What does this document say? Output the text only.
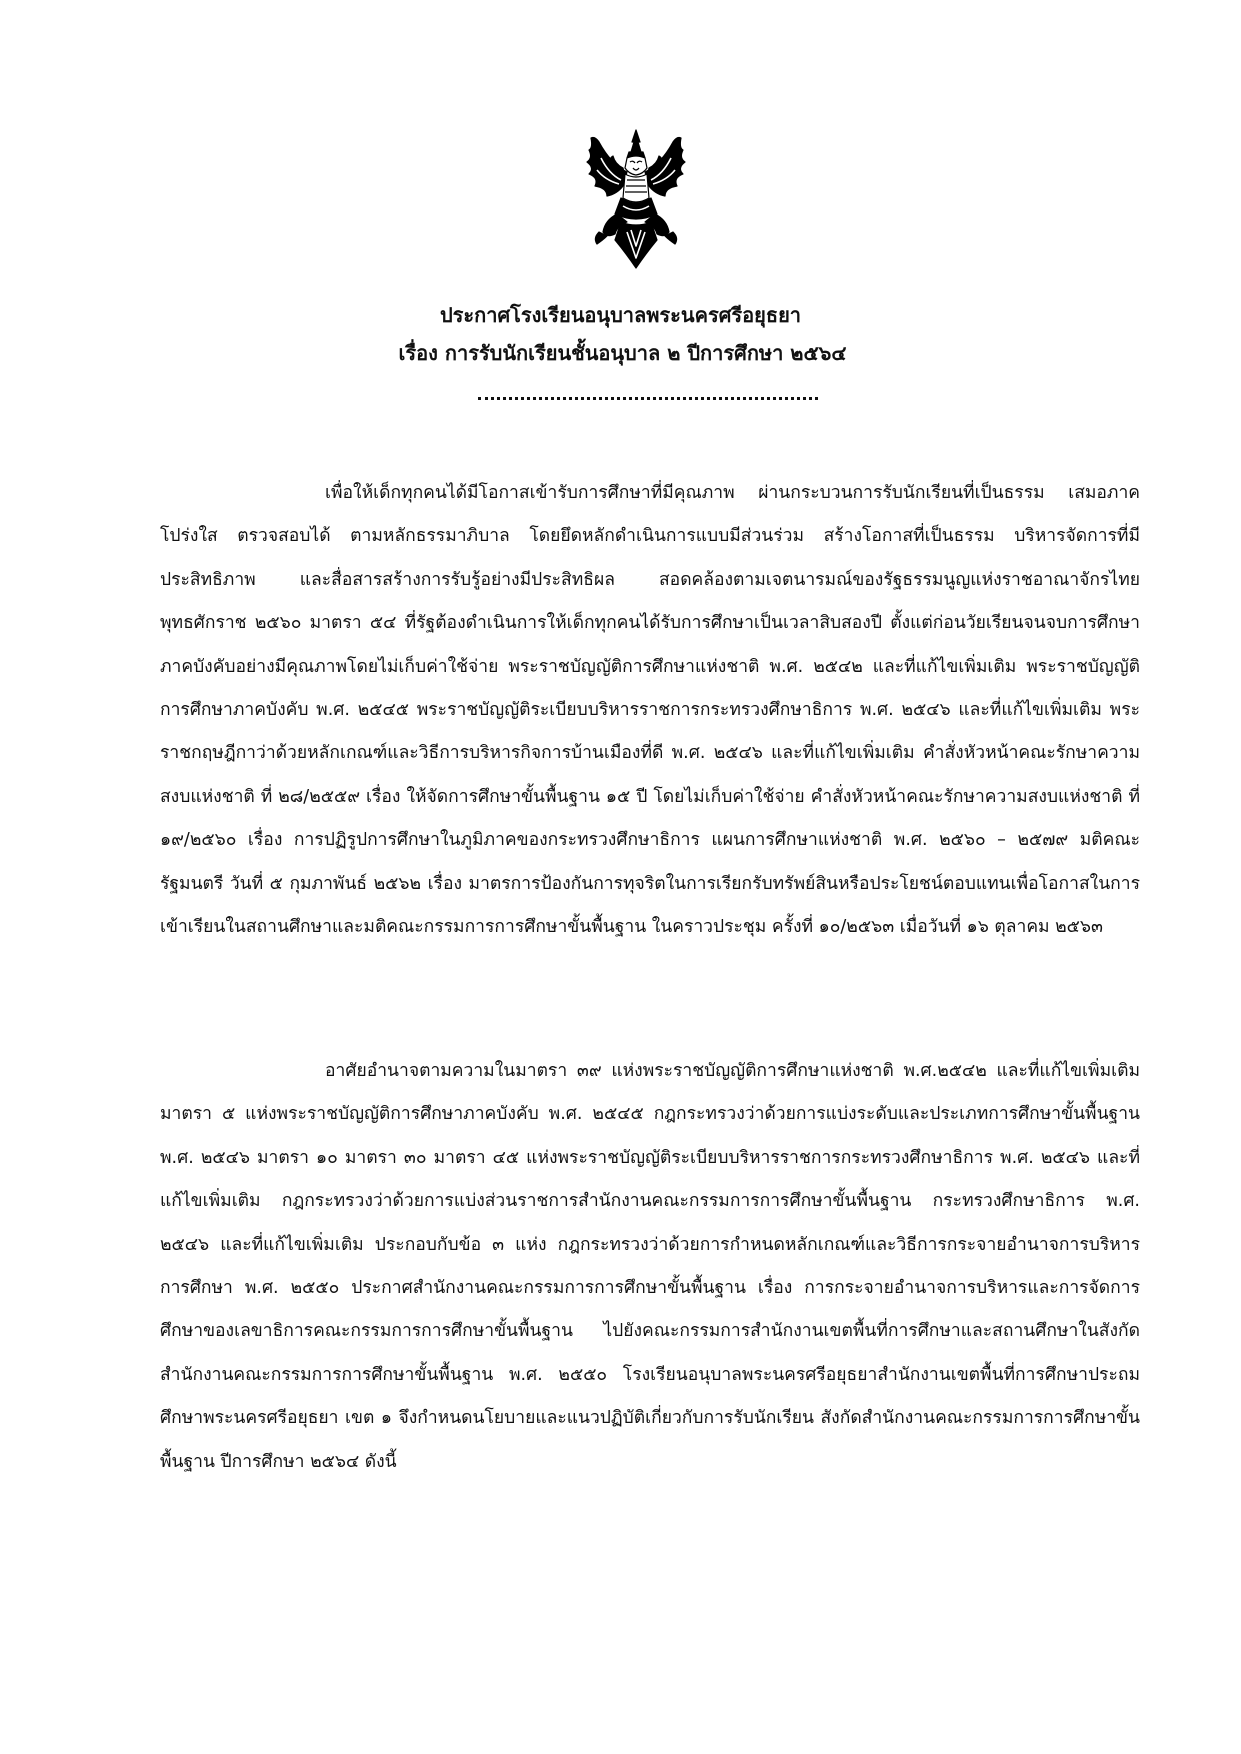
ประกาศโรงเรียนอนุบาลพระนครศรีอยุธยา
เรื่อง การรับนักเรียนชั้นอนุบาล ๒ ปีการศึกษา ๒๕๖๔

เพื่อให้เด็กทุกคนได้มีโอกาสเข้ารับการศึกษาที่มีคุณภาพ ผ่านกระบวนการรับนักเรียนที่เป็นธรรม เสมอภาค โปร่งใส ตรวจสอบได้ ตามหลักธรรมาภิบาล โดยยึดหลักดำเนินการแบบมีส่วนร่วม สร้างโอกาสที่เป็นธรรม บริหารจัดการที่มีประสิทธิภาพ และสื่อสารสร้างการรับรู้อย่างมีประสิทธิผล สอดคล้องตามเจตนารมณ์ของรัฐธรรมนูญแห่งราชอาณาจักรไทย พุทธศักราช ๒๕๖๐ มาตรา ๕๔ ที่รัฐต้องดำเนินการให้เด็กทุกคนได้รับการศึกษาเป็นเวลาสิบสองปี ตั้งแต่ก่อนวัยเรียนจนจบการศึกษาภาคบังคับอย่างมีคุณภาพโดยไม่เก็บค่าใช้จ่าย พระราชบัญญัติการศึกษาแห่งชาติ พ.ศ. ๒๕๔๒ และที่แก้ไขเพิ่มเติม พระราชบัญญัติการศึกษาภาคบังคับ พ.ศ. ๒๕๔๕ พระราชบัญญัติระเบียบบริหารราชการกระทรวงศึกษาธิการ พ.ศ. ๒๕๔๖ และที่แก้ไขเพิ่มเติม พระราชกฤษฎีกาว่าด้วยหลักเกณฑ์และวิธีการบริหารกิจการบ้านเมืองที่ดี พ.ศ. ๒๕๔๖ และที่แก้ไขเพิ่มเติม คำสั่งหัวหน้าคณะรักษาความสงบแห่งชาติ ที่ ๒๘/๒๕๕๙ เรื่อง ให้จัดการศึกษาขั้นพื้นฐาน ๑๕ ปี โดยไม่เก็บค่าใช้จ่าย คำสั่งหัวหน้าคณะรักษาความสงบแห่งชาติ ที่ ๑๙/๒๕๖๐ เรื่อง การปฏิรูปการศึกษาในภูมิภาคของกระทรวงศึกษาธิการ แผนการศึกษาแห่งชาติ พ.ศ. ๒๕๖๐ – ๒๕๗๙ มติคณะรัฐมนตรี วันที่ ๕ กุมภาพันธ์ ๒๕๖๒ เรื่อง มาตรการป้องกันการทุจริตในการเรียกรับทรัพย์สินหรือประโยชน์ตอบแทนเพื่อโอกาสในการเข้าเรียนในสถานศึกษาและมติคณะกรรมการการศึกษาขั้นพื้นฐาน ในคราวประชุม ครั้งที่ ๑๐/๒๕๖๓ เมื่อวันที่ ๑๖ ตุลาคม ๒๕๖๓

อาศัยอำนาจตามความในมาตรา ๓๙ แห่งพระราชบัญญัติการศึกษาแห่งชาติ พ.ศ.๒๕๔๒ และที่แก้ไขเพิ่มเติม มาตรา ๕ แห่งพระราชบัญญัติการศึกษาภาคบังคับ พ.ศ. ๒๕๔๕ กฎกระทรวงว่าด้วยการแบ่งระดับและประเภทการศึกษาขั้นพื้นฐาน พ.ศ. ๒๕๔๖ มาตรา ๑๐ มาตรา ๓๐ มาตรา ๔๕ แห่งพระราชบัญญัติระเบียบบริหารราชการกระทรวงศึกษาธิการ พ.ศ. ๒๕๔๖ และที่แก้ไขเพิ่มเติม กฎกระทรวงว่าด้วยการแบ่งส่วนราชการสำนักงานคณะกรรมการการศึกษาขั้นพื้นฐาน กระทรวงศึกษาธิการ พ.ศ. ๒๕๔๖ และที่แก้ไขเพิ่มเติม ประกอบกับข้อ ๓ แห่ง กฎกระทรวงว่าด้วยการกำหนดหลักเกณฑ์และวิธีการกระจายอำนาจการบริหารการศึกษา พ.ศ. ๒๕๕๐ ประกาศสำนักงานคณะกรรมการการศึกษาขั้นพื้นฐาน เรื่อง การกระจายอำนาจการบริหารและการจัดการศึกษาของเลขาธิการคณะกรรมการการศึกษาขั้นพื้นฐาน ไปยังคณะกรรมการสำนักงานเขตพื้นที่การศึกษาและสถานศึกษาในสังกัดสำนักงานคณะกรรมการการศึกษาขั้นพื้นฐาน พ.ศ. ๒๕๕๐ โรงเรียนอนุบาลพระนครศรีอยุธยาสำนักงานเขตพื้นที่การศึกษาประถมศึกษาพระนครศรีอยุธยา เขต ๑ จึงกำหนดนโยบายและแนวปฏิบัติเกี่ยวกับการรับนักเรียน สังกัดสำนักงานคณะกรรมการการศึกษาขั้นพื้นฐาน ปีการศึกษา ๒๕๖๔ ดังนี้
